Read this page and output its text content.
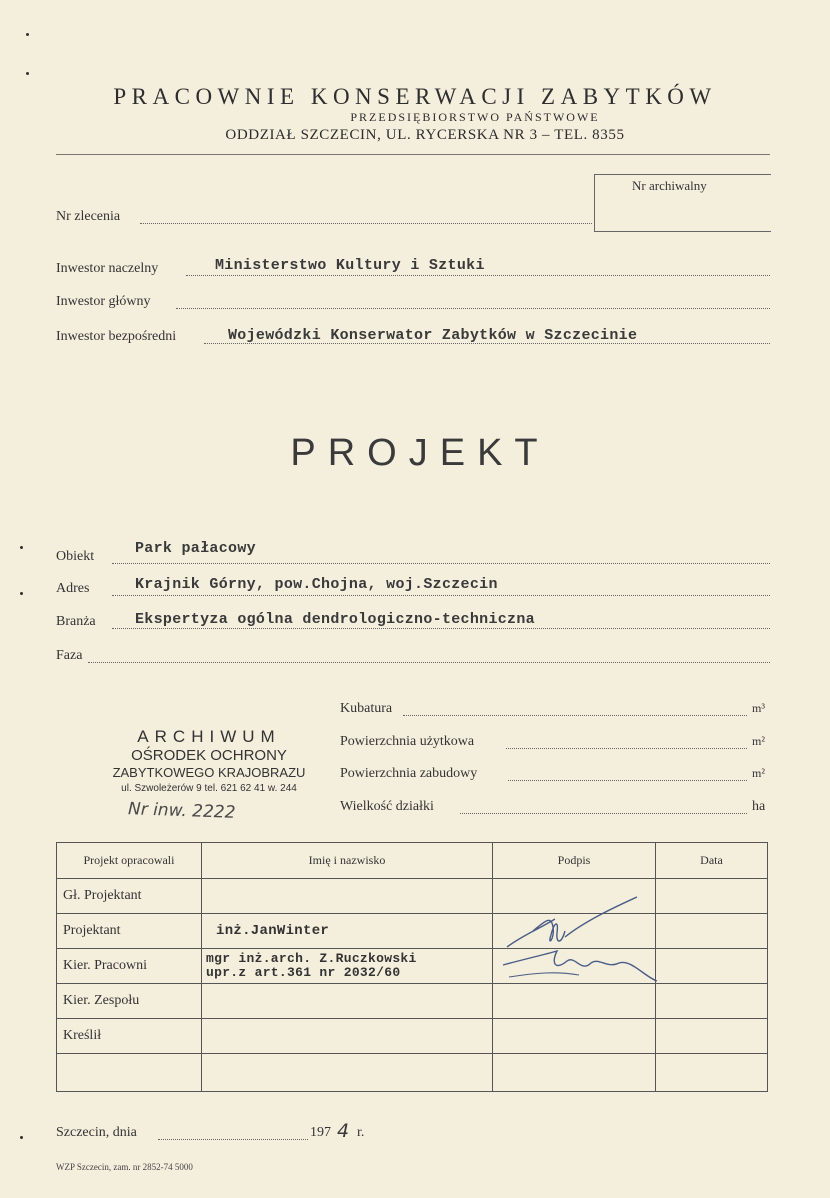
PRACOWNIE KONSERWACJI ZABYTKÓW
PRZEDSIĘBIORSTWO PAŃSTWOWE
ODDZIAŁ SZCZECIN, UL. RYCERSKA NR 3 – TEL. 8355
Nr archiwalny
Nr zlecenia
Inwestor naczelny	Ministerstwo Kultury i Sztuki
Inwestor główny
Inwestor bezpośredni	Wojewódzki Konserwator Zabytków w Szczecinie
PROJEKT
Obiekt	Park pałacowy
Adres	Krajnik Górny, pow.Chojna, woj.Szczecin
Branża	Ekspertyza ogólna dendrologiczno-techniczna
Faza
ARCHIWUM
OŚRODEK OCHRONY
ZABYTKOWEGO KRAJOBRAZU
ul. Szwoleżerów 9 tel. 621 62 41 w. 244
Nr inw. 2222
Kubatura	m³
Powierzchnia użytkowa	m²
Powierzchnia zabudowy	m²
Wielkość działki	ha
Projekt opracowali	Imię i nazwisko	Podpis	Data
Gł. Projektant			
Projektant	inż.JanWinter		
Kier. Pracowni	mgr inż.arch. Z.Ruczkowski
upr.z art.361 nr 2032/60		
Kier. Zespołu			
Kreślił			

Szczecin, dnia	197 4 r.
WZP Szczecin, zam. nr 2852-74 5000
